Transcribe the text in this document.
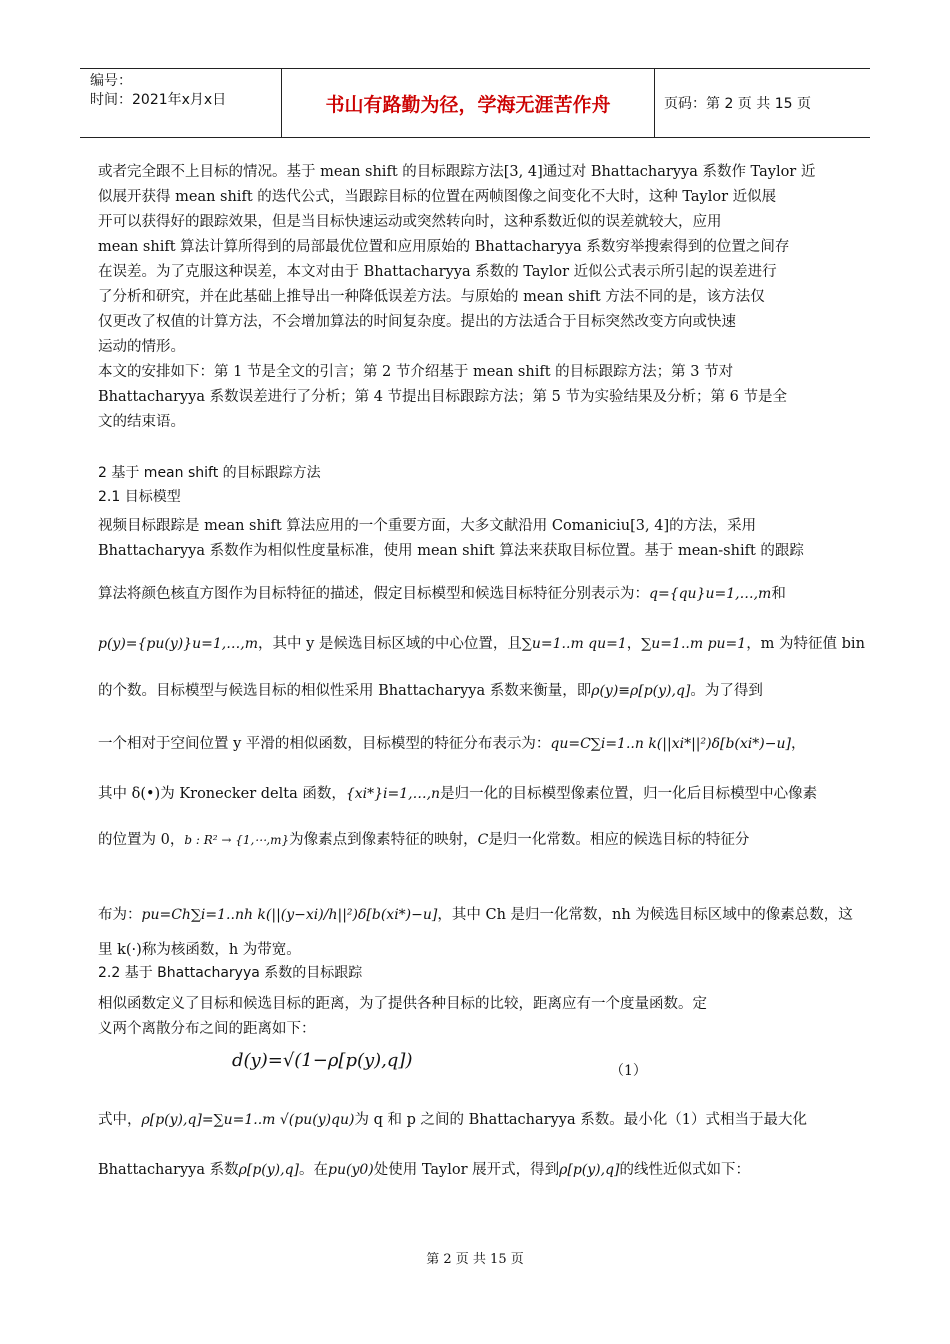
编号：
时间：2021年x月x日	书山有路勤为径，学海无涯苦作舟	页码：第 2 页 共 15 页
或者完全跟不上目标的情况。基于 mean shift 的目标跟踪方法[3, 4]通过对 Bhattacharyya 系数作 Taylor 近
似展开获得 mean shift 的迭代公式，当跟踪目标的位置在两帧图像之间变化不大时，这种 Taylor 近似展
开可以获得好的跟踪效果，但是当目标快速运动或突然转向时，这种系数近似的误差就较大，应用
mean shift 算法计算所得到的局部最优位置和应用原始的 Bhattacharyya 系数穷举搜索得到的位置之间存
在误差。为了克服这种误差，本文对由于 Bhattacharyya 系数的 Taylor 近似公式表示所引起的误差进行
了分析和研究，并在此基础上推导出一种降低误差方法。与原始的 mean shift 方法不同的是，该方法仅
仅更改了权值的计算方法，不会增加算法的时间复杂度。提出的方法适合于目标突然改变方向或快速
运动的情形。
本文的安排如下：第 1 节是全文的引言；第 2 节介绍基于 mean shift 的目标跟踪方法；第 3 节对
Bhattacharyya 系数误差进行了分析；第 4 节提出目标跟踪方法；第 5 节为实验结果及分析；第 6 节是全
文的结束语。
2 基于 mean shift 的目标跟踪方法
2.1 目标模型
视频目标跟踪是 mean shift 算法应用的一个重要方面，大多文献沿用 Comaniciu[3, 4]的方法，采用
Bhattacharyya 系数作为相似性度量标准，使用 mean shift 算法来获取目标位置。基于 mean-shift 的跟踪
算法将颜色核直方图作为目标特征的描述，假定目标模型和候选目标特征分别表示为：q={qu}u=1,…,m和
p(y)={pu(y)}u=1,…,m，其中 y 是候选目标区域的中心位置，且∑u=1..m qu=1，∑u=1..m pu=1，m 为特征值 bin
的个数。目标模型与候选目标的相似性采用 Bhattacharyya 系数来衡量，即ρ(y)≡ρ[p(y),q]。为了得到
一个相对于空间位置 y 平滑的相似函数，目标模型的特征分布表示为：qu=C∑i=1..n k(||xi*||²)δ[b(xi*)−u]，
其中 δ(•)为 Kronecker delta 函数，{xi*}i=1,…,n是归一化的目标模型像素位置，归一化后目标模型中心像素
的位置为 0，b : R² → {1,⋯,m}为像素点到像素特征的映射，C是归一化常数。相应的候选目标的特征分
布为：pu=Ch∑i=1..nh k(||(y−xi)/h||²)δ[b(xi*)−u]，其中 Ch 是归一化常数，nh 为候选目标区域中的像素总数，这
里 k(·)称为核函数，h 为带宽。
2.2 基于 Bhattacharyya 系数的目标跟踪
相似函数定义了目标和候选目标的距离，为了提供各种目标的比较，距离应有一个度量函数。定
义两个离散分布之间的距离如下：
d(y)=√(1−ρ[p(y),q])	（1）
式中，ρ[p(y),q]=∑u=1..m √(pu(y)qu)为 q 和 p 之间的 Bhattacharyya 系数。最小化（1）式相当于最大化
Bhattacharyya 系数ρ[p(y),q]。在pu(y0)处使用 Taylor 展开式，得到ρ[p(y),q]的线性近似式如下：
第 2 页 共 15 页
